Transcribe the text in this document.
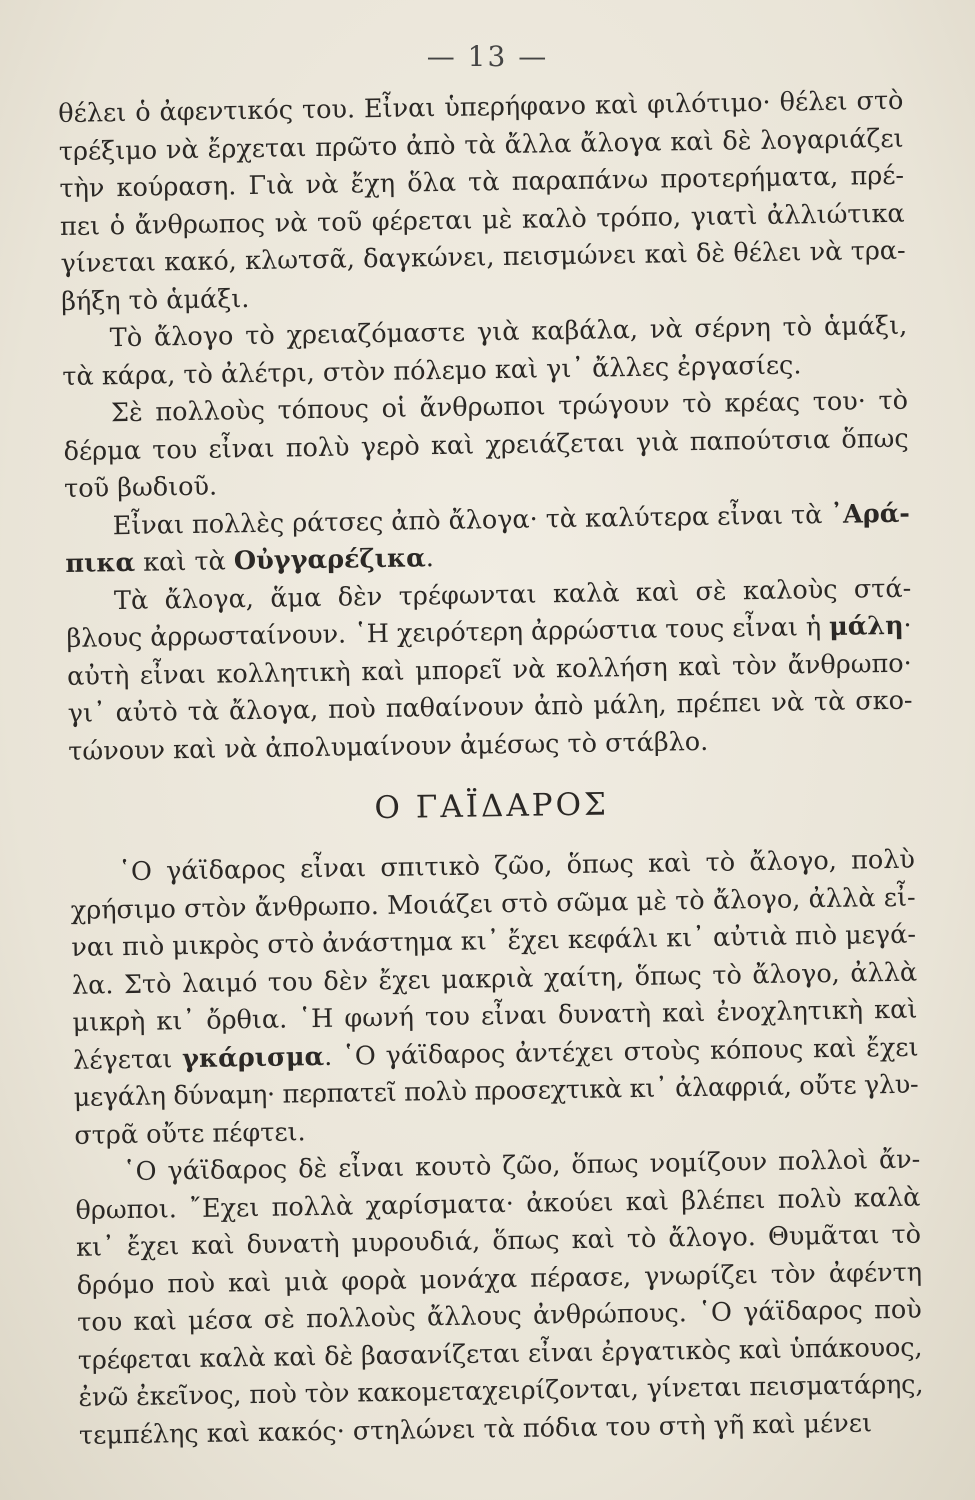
— 13 —
θέλει ὁ ἀφεντικός του. Εἶναι ὑπερήφανο καὶ φιλότιμο· θέλει στὸ
τρέξιμο νὰ ἔρχεται πρῶτο ἀπὸ τὰ ἄλλα ἄλογα καὶ δὲ λογαριάζει
τὴν κούραση. Γιὰ νὰ ἔχη ὅλα τὰ παραπάνω προτερήματα, πρέ-
πει ὁ ἄνθρωπος νὰ τοῦ φέρεται μὲ καλὸ τρόπο, γιατὶ ἀλλιώτικα
γίνεται κακό, κλωτσᾶ, δαγκώνει, πεισμώνει καὶ δὲ θέλει νὰ τρα-
βήξη τὸ ἁμάξι.
Τὸ ἄλογο τὸ χρειαζόμαστε γιὰ καβάλα, νὰ σέρνη τὸ ἁμάξι,
τὰ κάρα, τὸ ἀλέτρι, στὸν πόλεμο καὶ γι᾿ ἄλλες ἐργασίες.
Σὲ πολλοὺς τόπους οἱ ἄνθρωποι τρώγουν τὸ κρέας του· τὸ
δέρμα του εἶναι πολὺ γερὸ καὶ χρειάζεται γιὰ παπούτσια ὅπως
τοῦ βωδιοῦ.
Εἶναι πολλὲς ράτσες ἀπὸ ἄλογα· τὰ καλύτερα εἶναι τὰ ᾿Αρά-
πικα καὶ τὰ Οὐγγαρέζικα.
Τὰ ἄλογα, ἅμα δὲν τρέφωνται καλὰ καὶ σὲ καλοὺς στά-
βλους ἀρρωσταίνουν. ῾Η χειρότερη ἀρρώστια τους εἶναι ἡ μάλη·
αὐτὴ εἶναι κολλητικὴ καὶ μπορεῖ νὰ κολλήση καὶ τὸν ἄνθρωπο·
γι᾿ αὐτὸ τὰ ἄλογα, ποὺ παθαίνουν ἀπὸ μάλη, πρέπει νὰ τὰ σκο-
τώνουν καὶ νὰ ἀπολυμαίνουν ἀμέσως τὸ στάβλο.
Ο ΓΑΪΔΑΡΟΣ
῾Ο γάϊδαρος εἶναι σπιτικὸ ζῶο, ὅπως καὶ τὸ ἄλογο, πολὺ
χρήσιμο στὸν ἄνθρωπο. Μοιάζει στὸ σῶμα μὲ τὸ ἄλογο, ἀλλὰ εἶ-
ναι πιὸ μικρὸς στὸ ἀνάστημα κι᾿ ἔχει κεφάλι κι᾿ αὐτιὰ πιὸ μεγά-
λα. Στὸ λαιμό του δὲν ἔχει μακριὰ χαίτη, ὅπως τὸ ἄλογο, ἀλλὰ
μικρὴ κι᾿ ὄρθια. ῾Η φωνή του εἶναι δυνατὴ καὶ ἐνοχλητικὴ καὶ
λέγεται γκάρισμα. ῾Ο γάϊδαρος ἀντέχει στοὺς κόπους καὶ ἔχει
μεγάλη δύναμη· περπατεῖ πολὺ προσεχτικὰ κι᾿ ἀλαφριά, οὔτε γλυ-
στρᾶ οὔτε πέφτει.
῾Ο γάϊδαρος δὲ εἶναι κουτὸ ζῶο, ὅπως νομίζουν πολλοὶ ἄν-
θρωποι. ῎Εχει πολλὰ χαρίσματα· ἀκούει καὶ βλέπει πολὺ καλὰ
κι᾿ ἔχει καὶ δυνατὴ μυρουδιά, ὅπως καὶ τὸ ἄλογο. Θυμᾶται τὸ
δρόμο ποὺ καὶ μιὰ φορὰ μονάχα πέρασε, γνωρίζει τὸν ἀφέντη
του καὶ μέσα σὲ πολλοὺς ἄλλους ἀνθρώπους. ῾Ο γάϊδαρος ποὺ
τρέφεται καλὰ καὶ δὲ βασανίζεται εἶναι ἐργατικὸς καὶ ὑπάκουος,
ἐνῶ ἐκεῖνος, ποὺ τὸν κακομεταχειρίζονται, γίνεται πεισματάρης,
τεμπέλης καὶ κακός· στηλώνει τὰ πόδια του στὴ γῆ καὶ μένει
